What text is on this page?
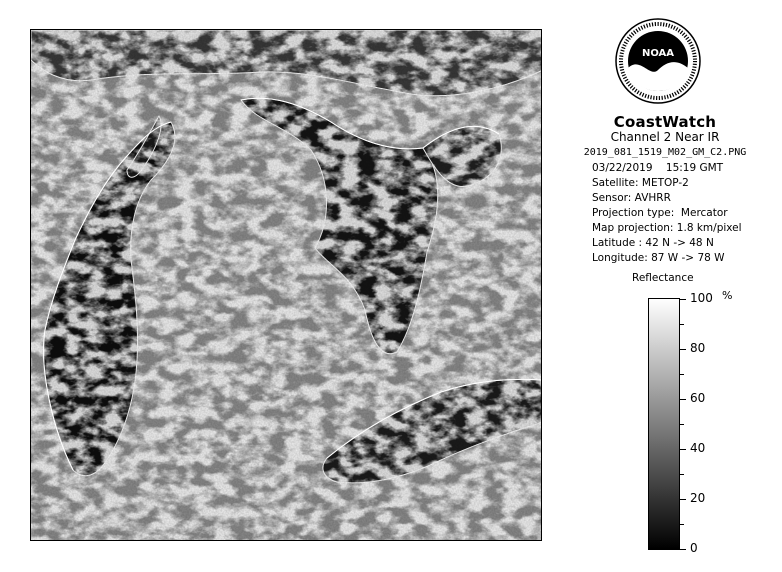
NOAA
CoastWatch
Channel 2 Near IR
2019_081_1519_M02_GM_C2.PNG
03/22/2019 15:19 GMT
Satellite: METOP-2
Sensor: AVHRR
Projection type:  Mercator
Map projection: 1.8 km/pixel
Latitude : 42 N -> 48 N
Longitude: 87 W -> 78 W
Reflectance
%
100
80
60
40
20
0
